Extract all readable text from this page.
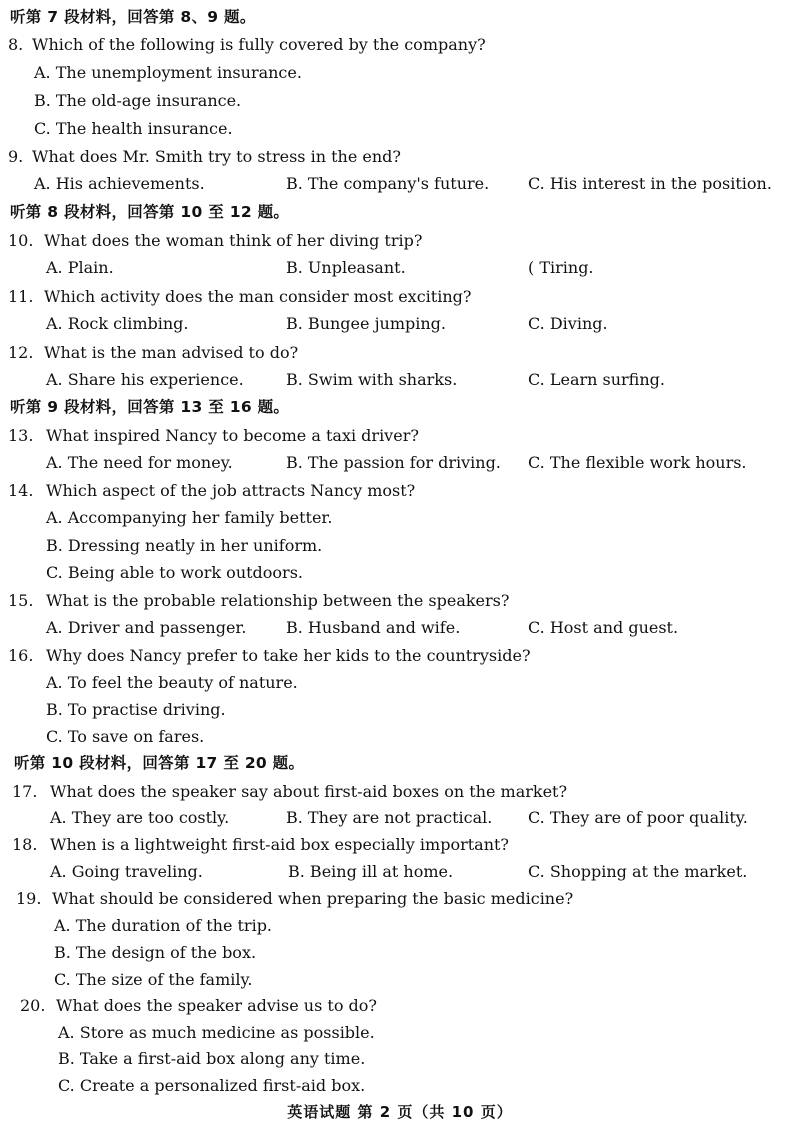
听第 7 段材料，回答第 8、9 题。
8. Which of the following is fully covered by the company?
A. The unemployment insurance.
B. The old-age insurance.
C. The health insurance.
9. What does Mr. Smith try to stress in the end?
A. His achievements.	B. The company's future. C. His interest in the position.
听第 8 段材料，回答第 10 至 12 题。
10. What does the woman think of her diving trip?
A. Plain.	B. Unpleasant.	( Tiring.
11. Which activity does the man consider most exciting?
A. Rock climbing.	B. Bungee jumping.	C. Diving.
12. What is the man advised to do?
A. Share his experience.	B. Swim with sharks.	C. Learn surfing.
听第 9 段材料，回答第 13 至 16 题。
13. What inspired Nancy to become a taxi driver?
A. The need for money.	B. The passion for driving. C. The flexible work hours.
14. Which aspect of the job attracts Nancy most?
A. Accompanying her family better.
B. Dressing neatly in her uniform.
C. Being able to work outdoors.
15. What is the probable relationship between the speakers?
A. Driver and passenger. B. Husband and wife.	C. Host and guest.
16. Why does Nancy prefer to take her kids to the countryside?
A. To feel the beauty of nature.
B. To practise driving.
C. To save on fares.
听第 10 段材料，回答第 17 至 20 题。
17. What does the speaker say about first-aid boxes on the market?
A. They are too costly.	B. They are not practical. C. They are of poor quality.
18. When is a lightweight first-aid box especially important?
A. Going traveling.	B. Being ill at home.	C. Shopping at the market.
19. What should be considered when preparing the basic medicine?
A. The duration of the trip.
B. The design of the box.
C. The size of the family.
20. What does the speaker advise us to do?
A. Store as much medicine as possible.
B. Take a first-aid box along any time.
C. Create a personalized first-aid box.
英语试题 第 2 页（共 10 页）
